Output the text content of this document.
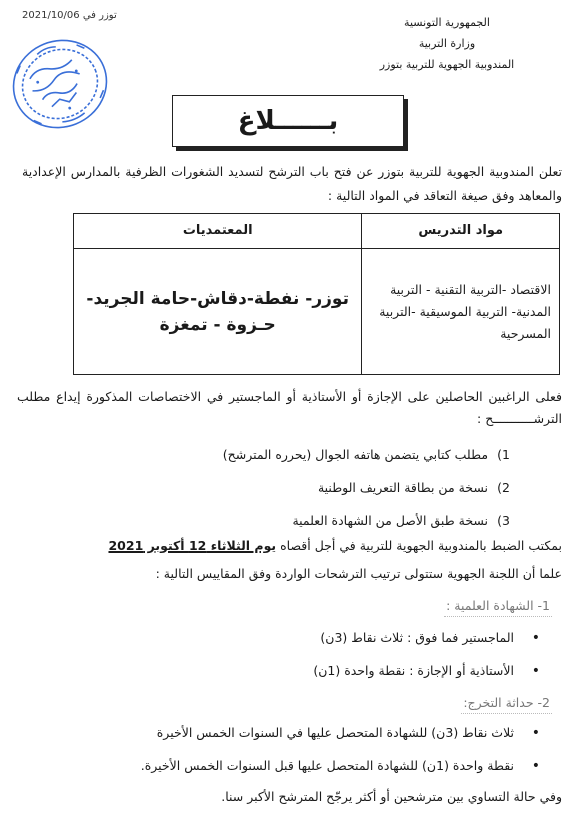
الجمهورية التونسية
وزارة التربية
المندوبية الجهوية للتربية بتوزر
توزر في 2021/10/06
بــــــلاغ

تعلن المندوبية الجهوية للتربية بتوزر عن فتح باب الترشح لتسديد الشغورات الظرفية بالمدارس الإعدادية والمعاهد وفق صيغة التعاقد في المواد التالية :

مواد التدريس	المعتمديات
الاقتصاد -التربية التقنية - التربية المدنية- التربية الموسيقية -التربية المسرحية	توزر- نفطة-دقاش-حامة الجريد-حـزوة - تمغزة

فعلى الراغبين الحاصلين على الإجازة أو الأستاذية أو الماجستير في الاختصاصات المذكورة إيداع مطلب الترشـــــــــــح :

1) مطلب كتابي يتضمن هاتفه الجوال (يحرره المترشح)
2) نسخة من بطاقة التعريف الوطنية
3) نسخة طبق الأصل من الشهادة العلمية

بمكتب الضبط بالمندوبية الجهوية للتربية في أجل أقصاه يوم الثلاثاء 12 أكتوبر 2021

علما أن اللجنة الجهوية ستتولى ترتيب الترشحات الواردة وفق المقاييس التالية :

1- الشهادة العلمية :
• الماجستير فما فوق : ثلاث نقاط (3ن)
• الأستاذية أو الإجازة : نقطة واحدة (1ن)
2- حداثة التخرج:
• ثلاث نقاط (3ن) للشهادة المتحصل عليها في السنوات الخمس الأخيرة
• نقطة واحدة (1ن) للشهادة المتحصل عليها قبل السنوات الخمس الأخيرة.

وفي حالة التساوي بين مترشحين أو أكثر يرجّح المترشح الأكبر سنا.
